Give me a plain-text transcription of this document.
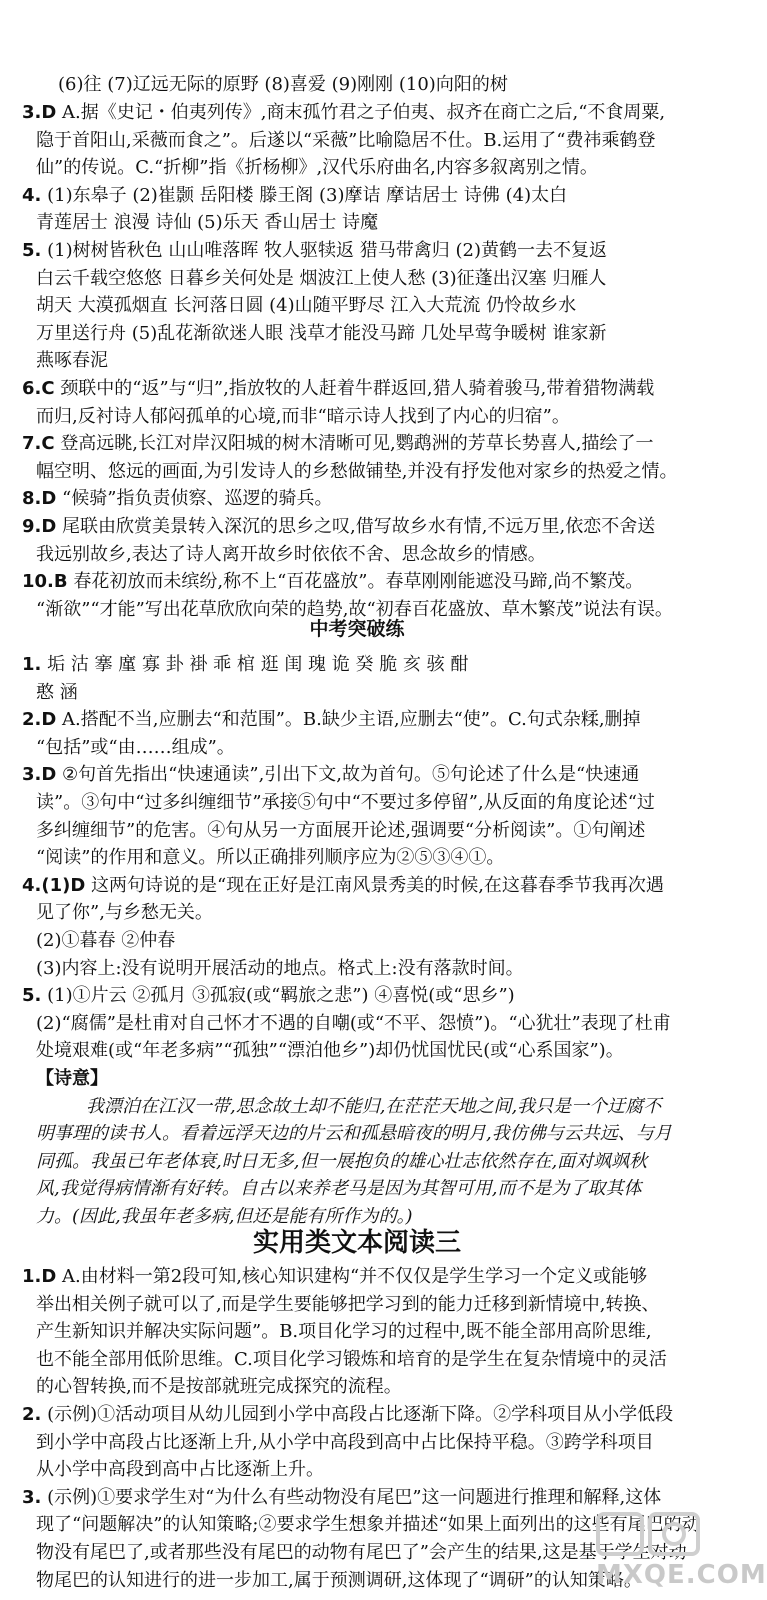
(6)往 (7)辽远无际的原野 (8)喜爱 (9)刚刚 (10)向阳的树
3.D A.据《史记・伯夷列传》,商末孤竹君之子伯夷、叔齐在商亡之后,“不食周粟,
隐于首阳山,采薇而食之”。后遂以“采薇”比喻隐居不仕。B.运用了“费祎乘鹤登
仙”的传说。C.“折柳”指《折杨柳》,汉代乐府曲名,内容多叙离别之情。
4. (1)东皋子 (2)崔颢 岳阳楼 滕王阁 (3)摩诘 摩诘居士 诗佛 (4)太白
青莲居士 浪漫 诗仙 (5)乐天 香山居士 诗魔
5. (1)树树皆秋色 山山唯落晖 牧人驱犊返 猎马带禽归 (2)黄鹤一去不复返
白云千载空悠悠 日暮乡关何处是 烟波江上使人愁 (3)征蓬出汉塞 归雁人
胡天 大漠孤烟直 长河落日圆 (4)山随平野尽 江入大荒流 仍怜故乡水
万里送行舟 (5)乱花渐欲迷人眼 浅草才能没马蹄 几处早莺争暖树 谁家新
燕啄春泥
6.C 颈联中的“返”与“归”,指放牧的人赶着牛群返回,猎人骑着骏马,带着猎物满载
而归,反衬诗人郁闷孤单的心境,而非“暗示诗人找到了内心的归宿”。
7.C 登高远眺,长江对岸汉阳城的树木清晰可见,鹦鹉洲的芳草长势喜人,描绘了一
幅空明、悠远的画面,为引发诗人的乡愁做铺垫,并没有抒发他对家乡的热爱之情。
8.D “候骑”指负责侦察、巡逻的骑兵。
9.D 尾联由欣赏美景转入深沉的思乡之叹,借写故乡水有情,不远万里,依恋不舍送
我远别故乡,表达了诗人离开故乡时依依不舍、思念故乡的情感。
10.B 春花初放而未缤纷,称不上“百花盛放”。春草刚刚能遮没马蹄,尚不繁茂。
“渐欲”“才能”写出花草欣欣向荣的趋势,故“初春百花盛放、草木繁茂”说法有误。
1. 垢 沽 搴 廑 寡 卦 褂 乖 棺 逛 闺 瑰 诡 癸 脆 亥 骇 酣
憨 涵
2.D A.搭配不当,应删去“和范围”。B.缺少主语,应删去“使”。C.句式杂糅,删掉
“包括”或“由……组成”。
3.D ②句首先指出“快速通读”,引出下文,故为首句。⑤句论述了什么是“快速通
读”。③句中“过多纠缠细节”承接⑤句中“不要过多停留”,从反面的角度论述“过
多纠缠细节”的危害。④句从另一方面展开论述,强调要“分析阅读”。①句阐述
“阅读”的作用和意义。所以正确排列顺序应为②⑤③④①。
4.(1)D 这两句诗说的是“现在正好是江南风景秀美的时候,在这暮春季节我再次遇
见了你”,与乡愁无关。
(2)①暮春 ②仲春
(3)内容上:没有说明开展活动的地点。格式上:没有落款时间。
5. (1)①片云 ②孤月 ③孤寂(或“羁旅之悲”) ④喜悦(或“思乡”)
(2)“腐儒”是杜甫对自己怀才不遇的自嘲(或“不平、怨愤”)。“心犹壮”表现了杜甫
处境艰难(或“年老多病”“孤独”“漂泊他乡”)却仍忧国忧民(或“心系国家”)。
【诗意】
我漂泊在江汉一带,思念故土却不能归,在茫茫天地之间,我只是一个迂腐不
明事理的读书人。看着远浮天边的片云和孤悬暗夜的明月,我仿佛与云共远、与月
同孤。我虽已年老体衰,时日无多,但一展抱负的雄心壮志依然存在,面对飒飒秋
风,我觉得病情渐有好转。自古以来养老马是因为其智可用,而不是为了取其体
力。(因此,我虽年老多病,但还是能有所作为的。)
1.D A.由材料一第2段可知,核心知识建构“并不仅仅是学生学习一个定义或能够
举出相关例子就可以了,而是学生要能够把学习到的能力迁移到新情境中,转换、
产生新知识并解决实际问题”。B.项目化学习的过程中,既不能全部用高阶思维,
也不能全部用低阶思维。C.项目化学习锻炼和培育的是学生在复杂情境中的灵活
的心智转换,而不是按部就班完成探究的流程。
2. (示例)①活动项目从幼儿园到小学中高段占比逐渐下降。②学科项目从小学低段
到小学中高段占比逐渐上升,从小学中高段到高中占比保持平稳。③跨学科项目
从小学中高段到高中占比逐渐上升。
3. (示例)①要求学生对“为什么有些动物没有尾巴”这一问题进行推理和解释,这体
现了“问题解决”的认知策略;②要求学生想象并描述“如果上面列出的这些有尾巴的动
物没有尾巴了,或者那些没有尾巴的动物有尾巴了”会产生的结果,这是基于学生对动
物尾巴的认知进行的进一步加工,属于预测调研,这体现了“调研”的认知策略。
中考突破练
实用类文本阅读三
MXQE.COM
